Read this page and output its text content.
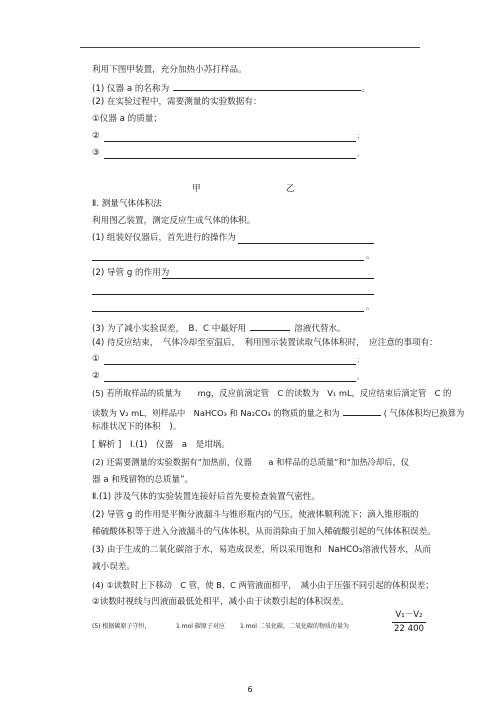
利用下图甲装置，充分加热小苏打样品。
(1) 仪器 a 的名称为	。
(2) 在实验过程中，需要测量的实验数据有：
①仪器 a 的质量；
②	；
③	。
甲	乙
Ⅱ. 测量气体体积法
利用图乙装置，测定反应生成气体的体积。
(1) 组装好仪器后，首先进行的操作为
。
(2) 导管 g 的作用为
。
(3) 为了减小实验误差，　B、C 中最好用	溶液代替水。
(4) 待反应结束，　气体冷却至室温后，　利用图示装置读取气体体积时，　应注意的事项有：
①	；
②	。
(5) 若所取样品的质量为　　mg，反应前滴定管　C 的读数为　V₁ mL，反应结束后滴定管　C 的
读数为 V₂ mL，则样品中　NaHCO₃ 和 Na₂CO₃ 的物质的量之和为	( 气体体积均已换算为
标准状况下的体积　)。
[ 解析 ]　Ⅰ.(1)　仪器　a　是坩埚。
(2) 还需要测量的实验数据有“加热前，仪器　　a 和样品的总质量”和“加热冷却后，仪
器 a 和残留物的总质量”。
Ⅱ.(1) 涉及气体的实验装置连接好后首先要检查装置气密性。
(2) 导管 g 的作用是平衡分液漏斗与锥形瓶内的气压，使液体顺利流下；滴入锥形瓶的
稀硫酸体积等于进入分液漏斗的气体体积，从而消除由于加入稀硫酸引起的气体体积误差。
(3) 由于生成的二氧化碳溶于水，易造成误差，所以采用饱和 NaHCO₃溶液代替水，从而
减小误差。
(4) ①读数时上下移动　C 管，使 B、C 两管液面相平，　减小由于压强不同引起的体积误差；
②读数时视线与凹液面最低处相平，减小由于读数引起的体积误差。
(5) 根据碳原子守恒，	1 mol 碳原子对应	1 mol 二氧化碳，二氧化碳的物质的量为
V₁－V₂
22 400
6
